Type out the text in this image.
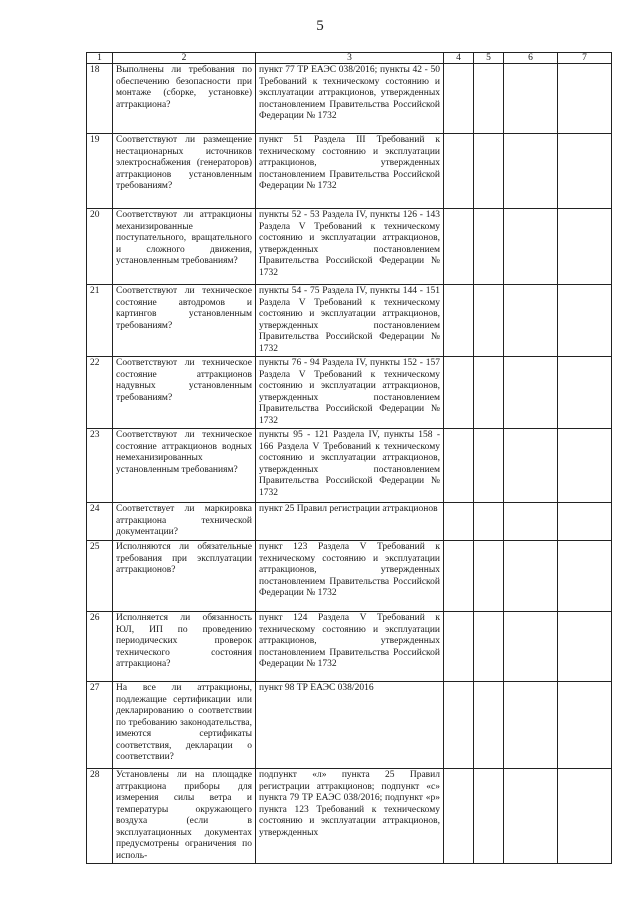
5
1	2	3	4	5	6	7
18	Выполнены ли требования по обеспечению безопасности при монтаже (сборке, установке) аттракциона?	пункт 77 ТР ЕАЭС 038/2016; пункты 42 - 50 Требований к техническому состоянию и эксплуатации аттракционов, утвержденных постановлением Правительства Российской Федерации № 1732				
19	Соответствуют ли размещение нестационарных источников электроснабжения (генераторов) аттракционов установленным требованиям?	пункт 51 Раздела III Требований к техническому состоянию и эксплуатации аттракционов, утвержденных постановлением Правительства Российской Федерации № 1732				
20	Соответствуют ли аттракционы механизированные поступательного, вращательного и сложного движения, установленным требованиям?	пункты 52 - 53 Раздела IV, пункты 126 - 143 Раздела V Требований к техническому состоянию и эксплуатации аттракционов, утвержденных постановлением Правительства Российской Федерации № 1732				
21	Соответствуют ли техническое состояние автодромов и картингов установленным требованиям?	пункты 54 - 75 Раздела IV, пункты 144 - 151 Раздела V Требований к техническому состоянию и эксплуатации аттракционов, утвержденных постановлением Правительства Российской Федерации № 1732				
22	Соответствуют ли техническое состояние аттракционов надувных установленным требованиям?	пункты 76 - 94 Раздела IV, пункты 152 - 157 Раздела V Требований к техническому состоянию и эксплуатации аттракционов, утвержденных постановлением Правительства Российской Федерации № 1732				
23	Соответствуют ли техническое состояние аттракционов водных немеханизированных установленным требованиям?	пункты 95 - 121 Раздела IV, пункты 158 - 166 Раздела V Требований к техническому состоянию и эксплуатации аттракционов, утвержденных постановлением Правительства Российской Федерации № 1732				
24	Соответствует ли маркировка аттракциона технической документации?	пункт 25 Правил регистрации аттракционов				
25	Исполняются ли обязательные требования при эксплуатации аттракционов?	пункт 123 Раздела V Требований к техническому состоянию и эксплуатации аттракционов, утвержденных постановлением Правительства Российской Федерации № 1732				
26	Исполняется ли обязанность ЮЛ, ИП по проведению периодических проверок технического состояния аттракциона?	пункт 124 Раздела V Требований к техническому состоянию и эксплуатации аттракционов, утвержденных постановлением Правительства Российской Федерации № 1732				
27	На все ли аттракционы, подлежащие сертификации или декларированию о соответствии по требованию законодательства, имеются сертификаты соответствия, декларации о соответствии?	пункт 98 ТР ЕАЭС 038/2016				
28	Установлены ли на площадке аттракциона приборы для измерения силы ветра и температуры окружающего воздуха (если в эксплуатационных документах предусмотрены ограничения по исполь-	подпункт «л» пункта 25 Правил регистрации аттракционов; подпункт «с» пункта 79 ТР ЕАЭС 038/2016; подпункт «р» пункта 123 Требований к техническому состоянию и эксплуатации аттракционов, утвержденных				
